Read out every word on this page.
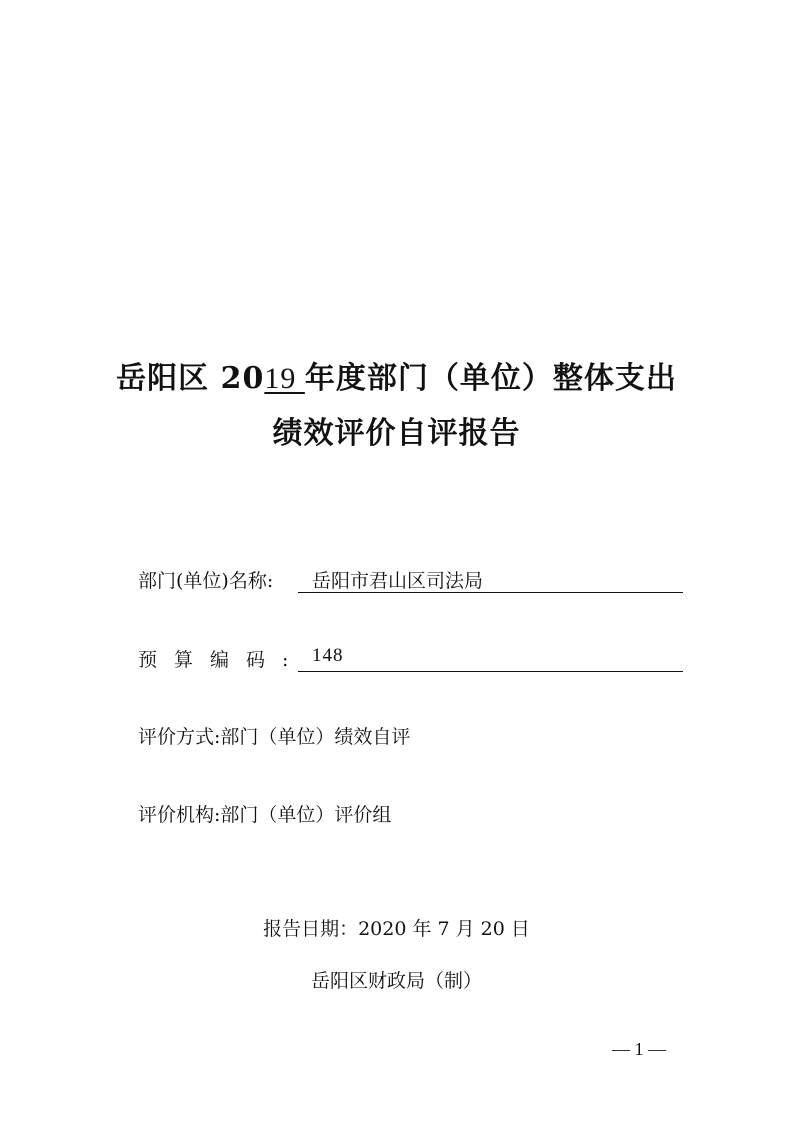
岳阳区 2019 年度部门（单位）整体支出
绩效评价自评报告
部门(单位)名称: 岳阳市君山区司法局
预算编码: 148
评价方式:部门（单位）绩效自评
评价机构:部门（单位）评价组
报告日期：2020 年 7 月 20 日
岳阳区财政局（制）
— 1 —
